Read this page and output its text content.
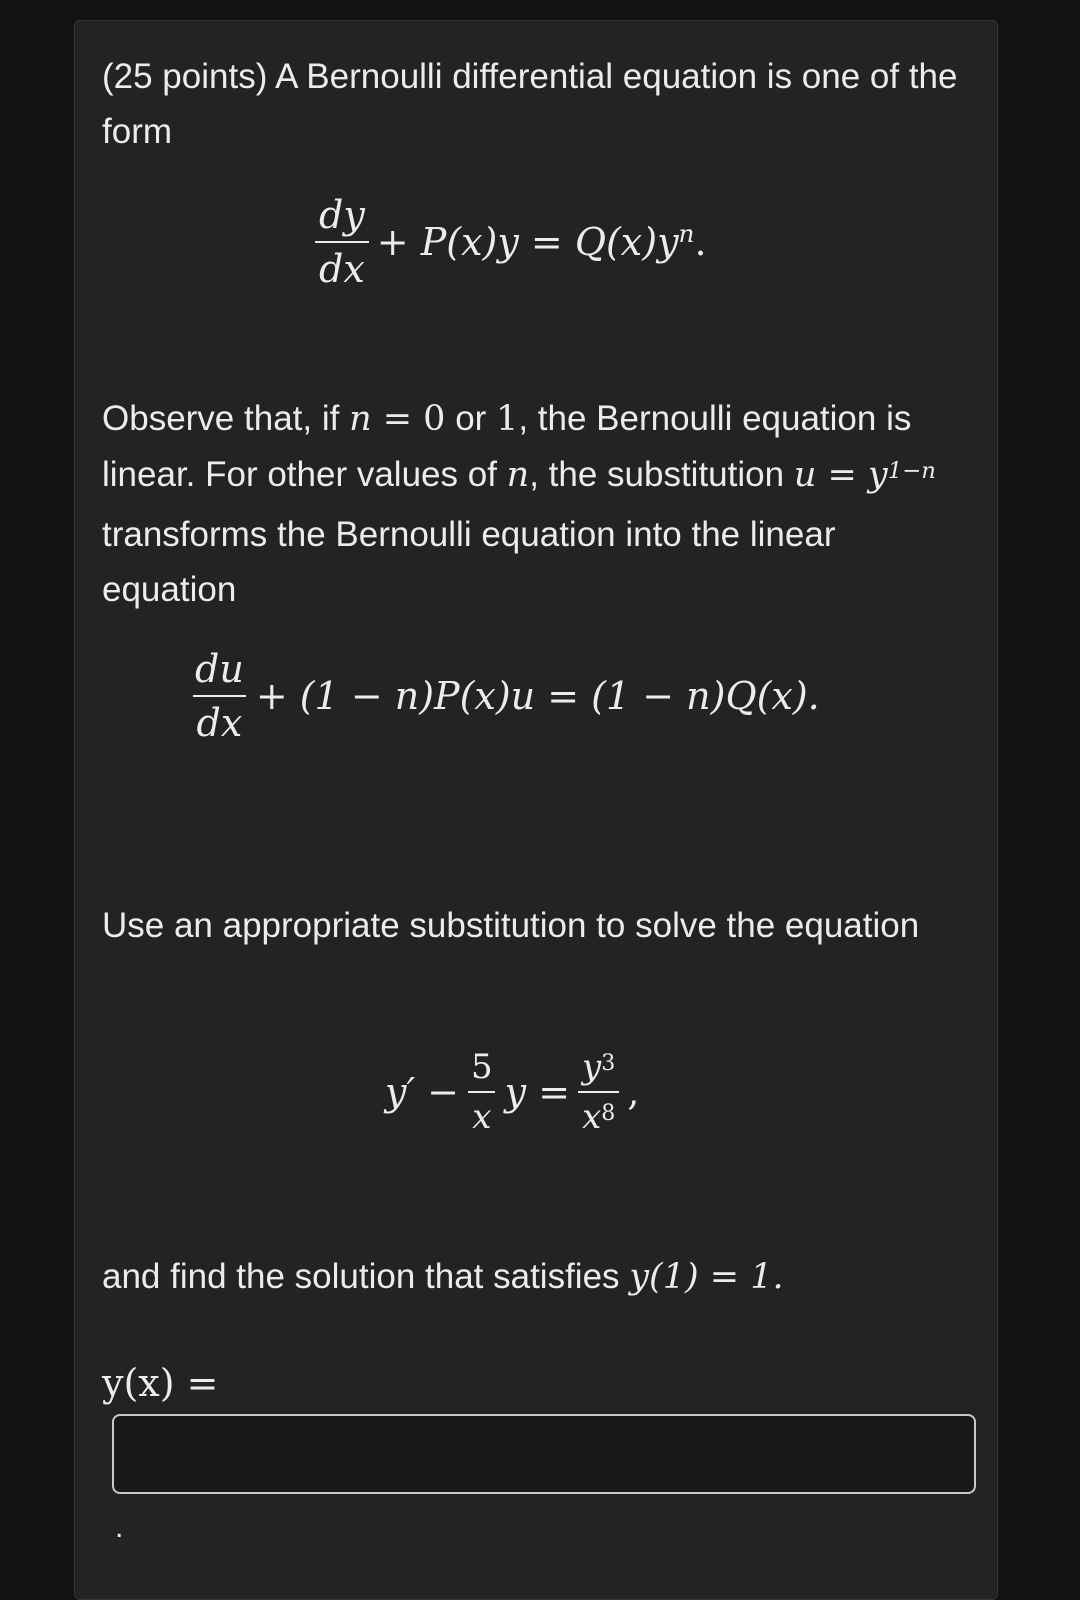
(25 points) A Bernoulli differential equation is one of the form

$\frac{dy}{dx} + P(x)y = Q(x)y^n$ .

Observe that, if n = 0 or 1, the Bernoulli equation is linear. For other values of n, the substitution $u = y^{1-n}$ transforms the Bernoulli equation into the linear equation

$\frac{du}{dx} + (1 - n)P(x)u = (1 - n)Q(x)$.

Use an appropriate substitution to solve the equation

$y' - \frac{5}{x}$ $y = \frac{y^3}{x^8}$ ,

and find the solution that satisfies y(1) = 1.

y(x) =
.
